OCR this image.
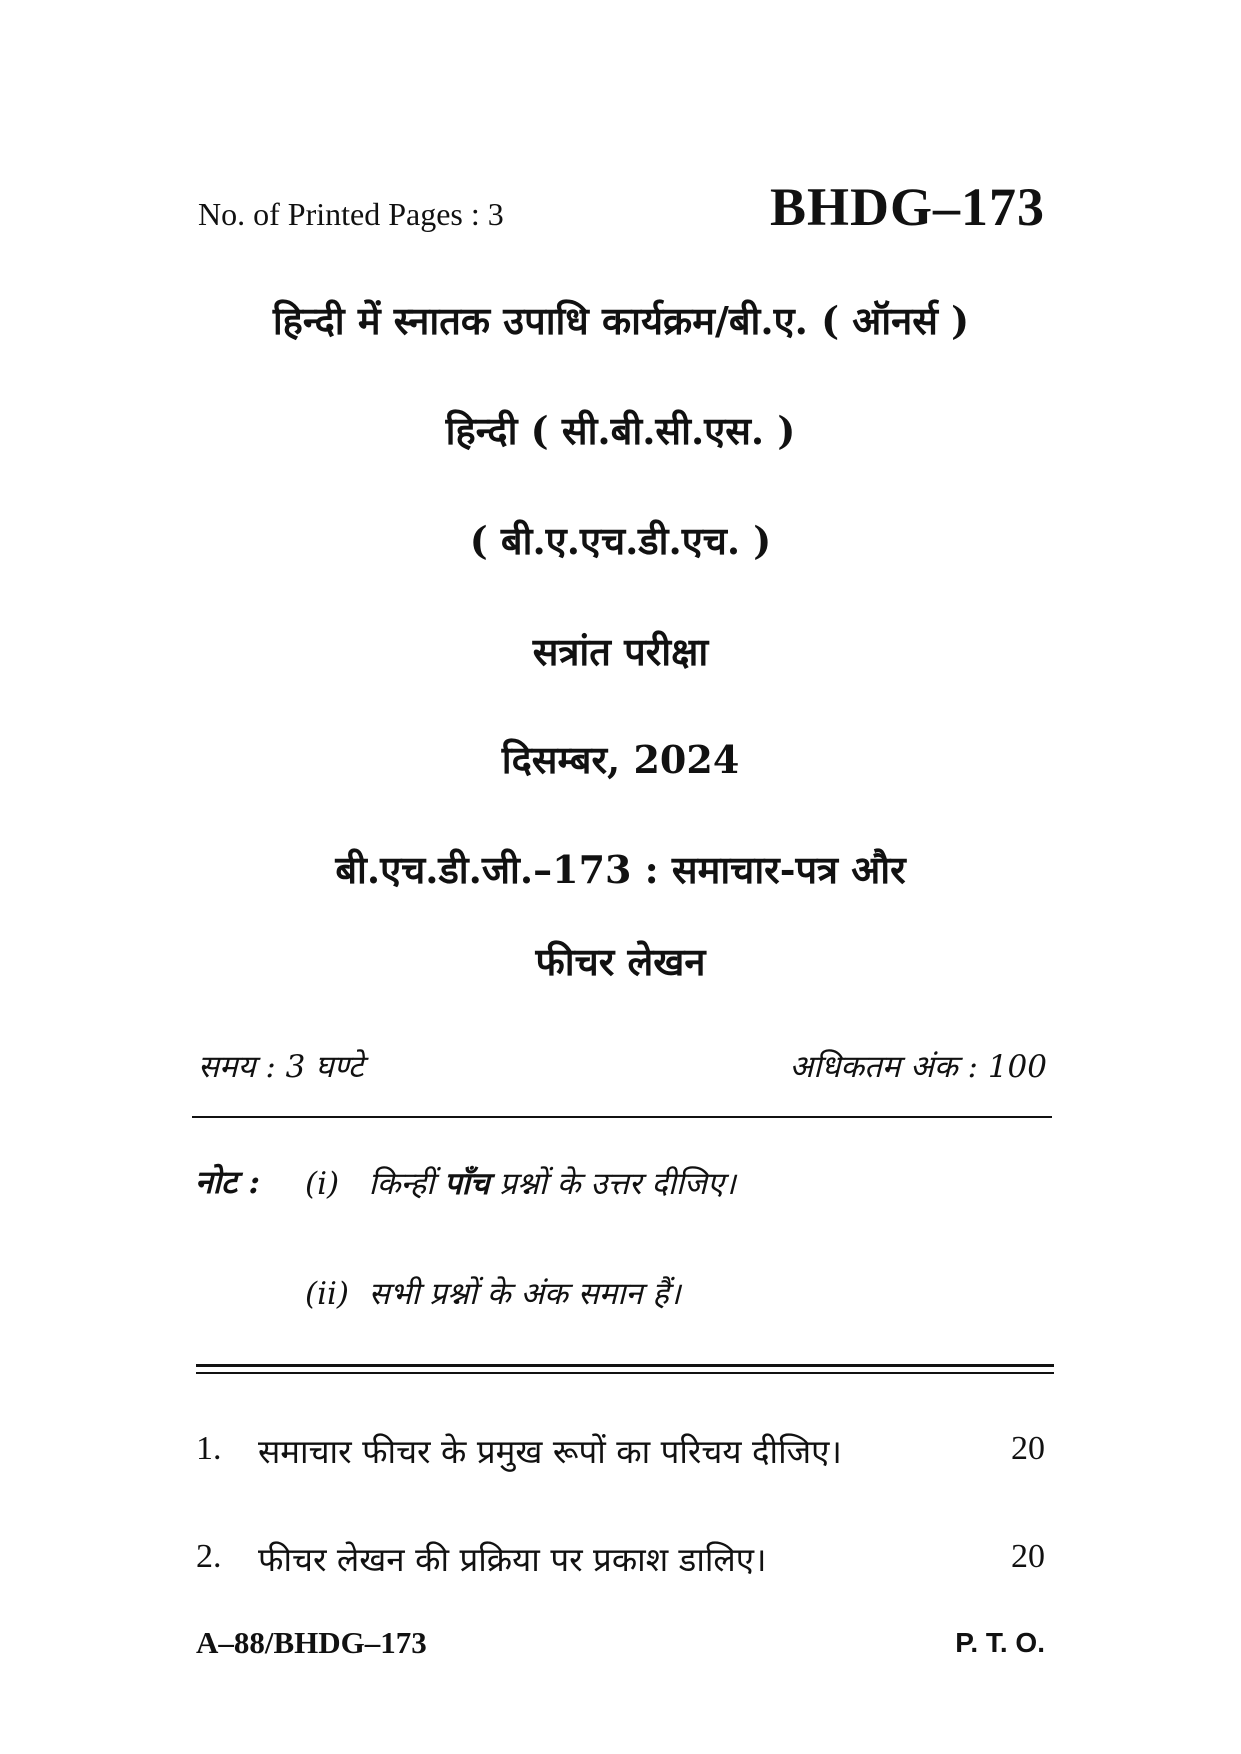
No. of Printed Pages : 3	BHDG–173
हिन्दी में स्नातक उपाधि कार्यक्रम/बी.ए. ( ऑनर्स )
हिन्दी ( सी.बी.सी.एस. )
( बी.ए.एच.डी.एच. )
सत्रांत परीक्षा
दिसम्बर, 2024
बी.एच.डी.जी.–173 : समाचार-पत्र और
फीचर लेखन
समय : 3 घण्टे	अधिकतम अंक : 100
नोट : (i) किन्हीं पाँच प्रश्नों के उत्तर दीजिए।
(ii) सभी प्रश्नों के अंक समान हैं।
1. समाचार फीचर के प्रमुख रूपों का परिचय दीजिए।	20
2. फीचर लेखन की प्रक्रिया पर प्रकाश डालिए।	20
A–88/BHDG–173	P. T. O.
